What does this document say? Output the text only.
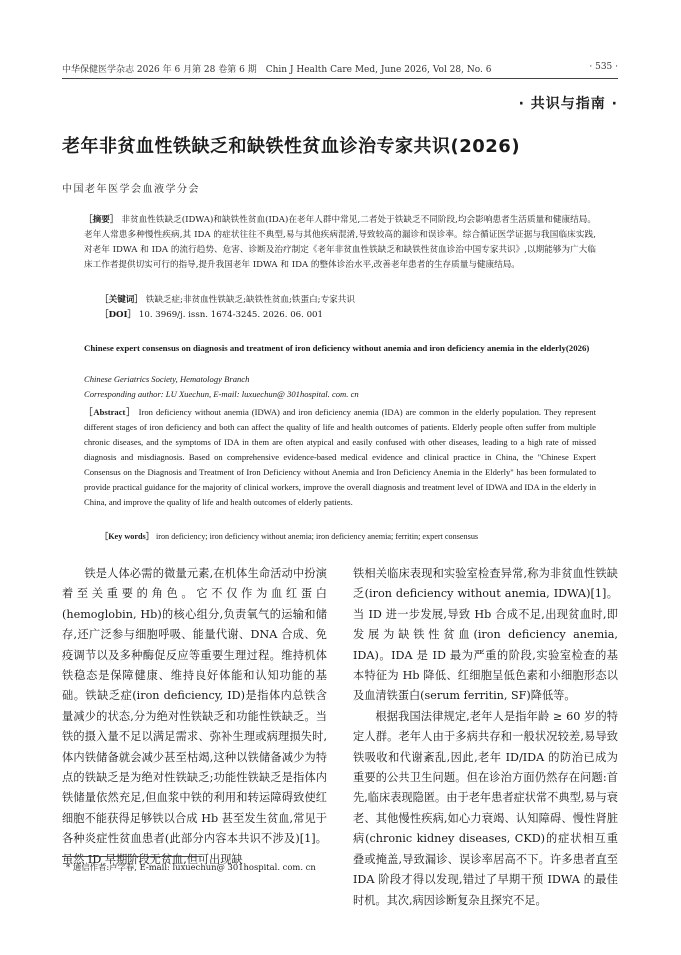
中华保健医学杂志 2026 年 6 月第 28 卷第 6 期　Chin J Health Care Med, June 2026, Vol 28, No. 6	· 535 ·
· 共识与指南 ·
老年非贫血性铁缺乏和缺铁性贫血诊治专家共识(2026)
中国老年医学会血液学分会

［摘要］ 非贫血性铁缺乏(IDWA)和缺铁性贫血(IDA)在老年人群中常见,二者处于铁缺乏不同阶段,均会影响患者生活质量和健康结局。老年人常患多种慢性疾病,其 IDA 的症状往往不典型,易与其他疾病混淆,导致较高的漏诊和误诊率。综合循证医学证据与我国临床实践,对老年 IDWA 和 IDA 的流行趋势、危害、诊断及治疗制定《老年非贫血性铁缺乏和缺铁性贫血诊治中国专家共识》,以期能够为广大临床工作者提供切实可行的指导,提升我国老年 IDWA 和 IDA 的整体诊治水平,改善老年患者的生存质量与健康结局。

［关键词］ 铁缺乏症;非贫血性铁缺乏;缺铁性贫血;铁蛋白;专家共识
［DOI］ 10. 3969/j. issn. 1674-3245. 2026. 06. 001
Chinese expert consensus on diagnosis and treatment of iron deficiency without anemia and iron deficiency anemia in the elderly(2026)
Chinese Geriatrics Society, Hematology Branch
Corresponding author: LU Xuechun, E-mail: luxuechun@ 301hospital. com. cn
［Abstract］ Iron deficiency without anemia (IDWA) and iron deficiency anemia (IDA) are common in the elderly population. They represent different stages of iron deficiency and both can affect the quality of life and health outcomes of patients. Elderly people often suffer from multiple chronic diseases, and the symptoms of IDA in them are often atypical and easily confused with other diseases, leading to a high rate of missed diagnosis and misdiagnosis. Based on comprehensive evidence-based medical evidence and clinical practice in China, the "Chinese Expert Consensus on the Diagnosis and Treatment of Iron Deficiency without Anemia and Iron Deficiency Anemia in the Elderly" has been formulated to provide practical guidance for the majority of clinical workers, improve the overall diagnosis and treatment level of IDWA and IDA in the elderly in China, and improve the quality of life and health outcomes of elderly patients.
［Key words］ iron deficiency; iron deficiency without anemia; iron deficiency anemia; ferritin; expert consensus

铁是人体必需的微量元素,在机体生命活动中扮演着至关重要的角色。它不仅作为血红蛋白(hemoglobin, Hb)的核心组分,负责氧气的运输和储存,还广泛参与细胞呼吸、能量代谢、DNA 合成、免疫调节以及多种酶促反应等重要生理过程。维持机体铁稳态是保障健康、维持良好体能和认知功能的基础。铁缺乏症(iron deficiency, ID)是指体内总铁含量减少的状态,分为绝对性铁缺乏和功能性铁缺乏。当铁的摄入量不足以满足需求、弥补生理或病理损失时,体内铁储备就会减少甚至枯竭,这种以铁储备减少为特点的铁缺乏是为绝对性铁缺乏;功能性铁缺乏是指体内铁储量依然充足,但血浆中铁的利用和转运障碍致使红细胞不能获得足够铁以合成 Hb 甚至发生贫血,常见于各种炎症性贫血患者(此部分内容本共识不涉及)[1]。虽然 ID 早期阶段无贫血,但可出现缺

铁相关临床表现和实验室检查异常,称为非贫血性铁缺乏(iron deficiency without anemia, IDWA)[1]。当 ID 进一步发展,导致 Hb 合成不足,出现贫血时,即发展为缺铁性贫血(iron deficiency anemia, IDA)。IDA 是 ID 最为严重的阶段,实验室检查的基本特征为 Hb 降低、红细胞呈低色素和小细胞形态以及血清铁蛋白(serum ferritin, SF)降低等。

根据我国法律规定,老年人是指年龄 ≥ 60 岁的特定人群。老年人由于多病共存和一般状况较差,易导致铁吸收和代谢紊乱,因此,老年 ID/IDA 的防治已成为重要的公共卫生问题。但在诊治方面仍然存在问题:首先,临床表现隐匿。由于老年患者症状常不典型,易与衰老、其他慢性疾病,如心力衰竭、认知障碍、慢性肾脏病(chronic kidney diseases, CKD)的症状相互重叠或掩盖,导致漏诊、误诊率居高不下。许多患者直至 IDA 阶段才得以发现,错过了早期干预 IDWA 的最佳时机。其次,病因诊断复杂且探究不足。

* 通信作者:卢学春, E-mail: luxuechun@ 301hospital. com. cn
